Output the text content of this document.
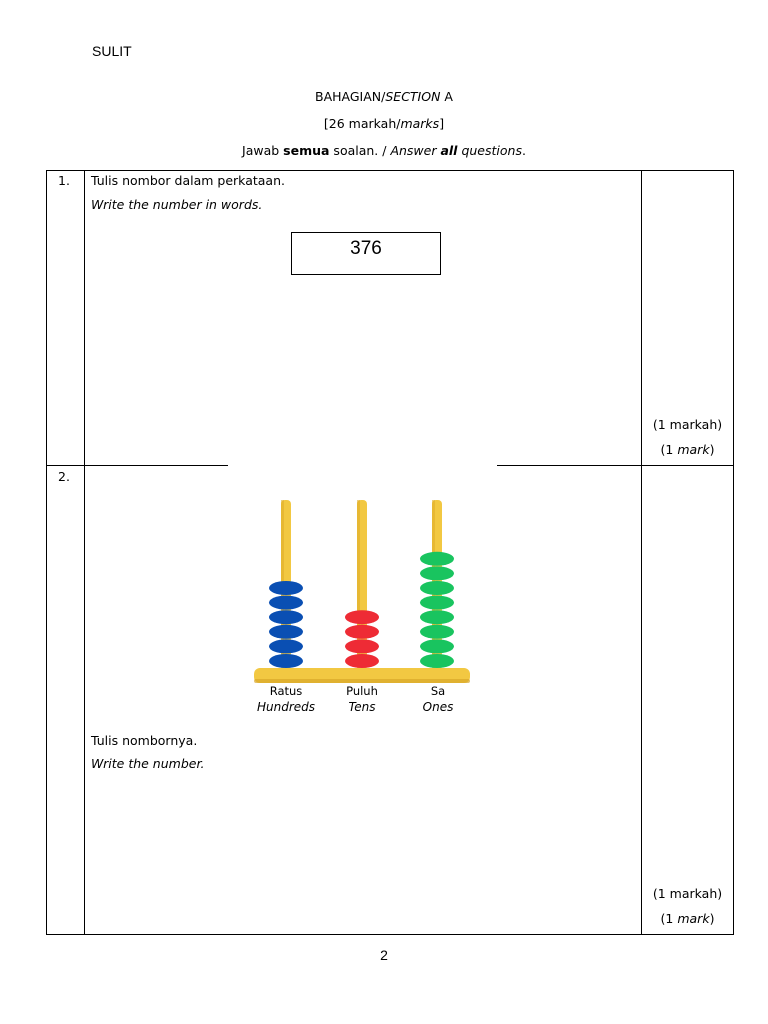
SULIT
BAHAGIAN/SECTION A
[26 markah/marks]
Jawab semua soalan. / Answer all questions.
1. Tulis nombor dalam perkataan.
Write the number in words.
376
(1 markah)
(1 mark)
2.
Ratus
Hundreds
Puluh
Tens
Sa
Ones
Tulis nombornya.
Write the number.
(1 markah)
(1 mark)
2
